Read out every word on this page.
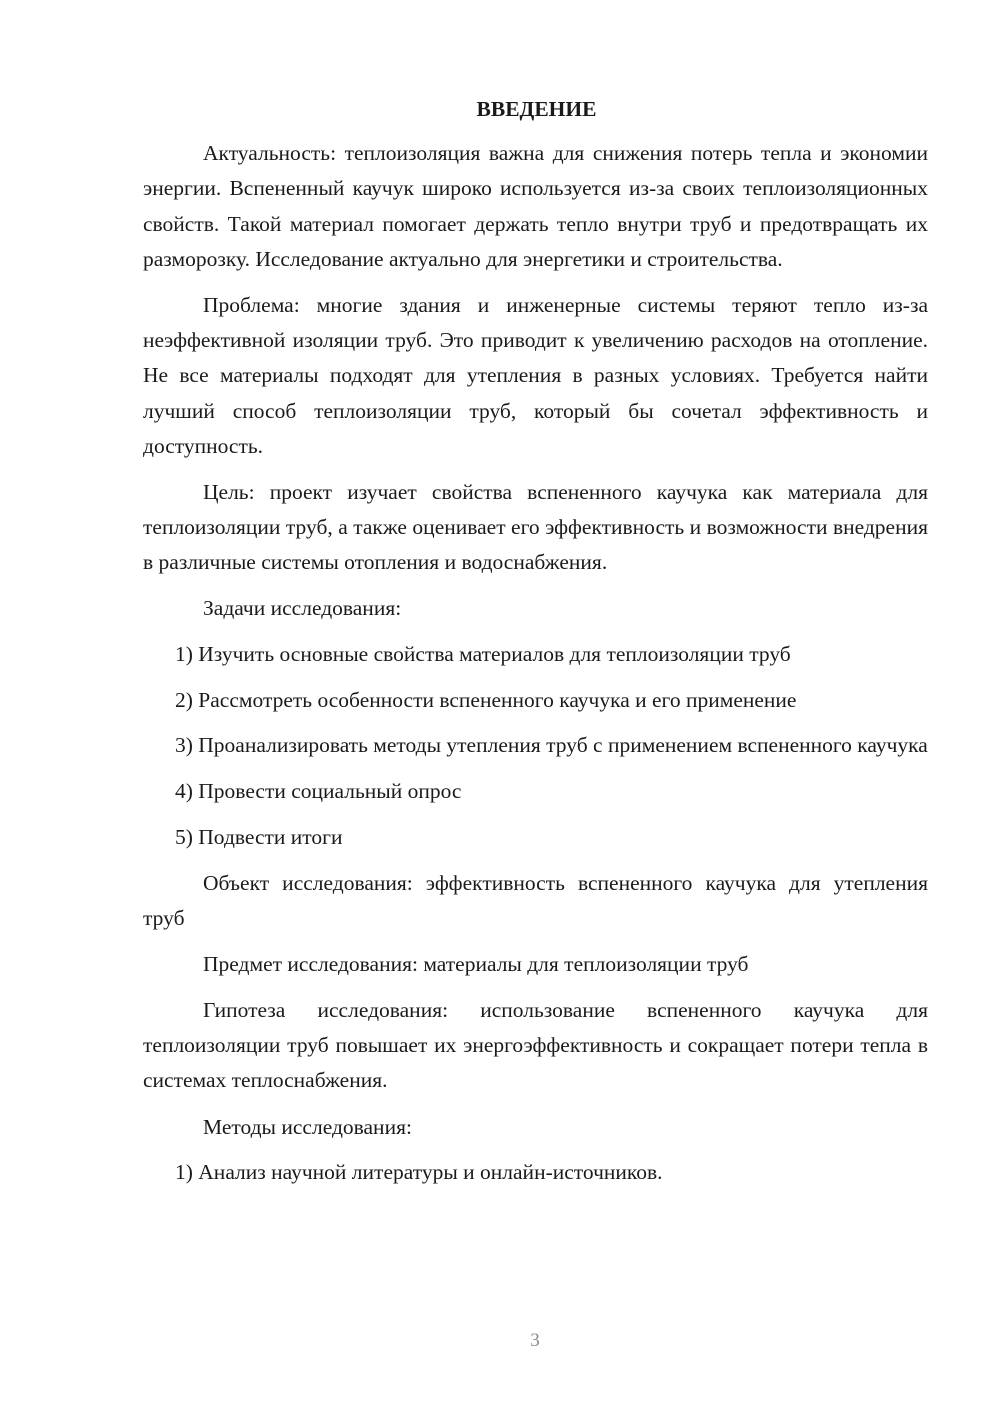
ВВЕДЕНИЕ

Актуальность: теплоизоляция важна для снижения потерь тепла и экономии энергии. Вспененный каучук широко используется из-за своих теплоизоляционных свойств. Такой материал помогает держать тепло внутри труб и предотвращать их разморозку. Исследование актуально для энергетики и строительства.

Проблема: многие здания и инженерные системы теряют тепло из-за неэффективной изоляции труб. Это приводит к увеличению расходов на отопление. Не все материалы подходят для утепления в разных условиях. Требуется найти лучший способ теплоизоляции труб, который бы сочетал эффективность и доступность.

Цель: проект изучает свойства вспененного каучука как материала для теплоизоляции труб, а также оценивает его эффективность и возможности внедрения в различные системы отопления и водоснабжения.

Задачи исследования:

1) Изучить основные свойства материалов для теплоизоляции труб

2) Рассмотреть особенности вспененного каучука и его применение

3) Проанализировать методы утепления труб с применением вспененного каучука

4) Провести социальный опрос

5) Подвести итоги

Объект исследования: эффективность вспененного каучука для утепления труб

Предмет исследования: материалы для теплоизоляции труб

Гипотеза исследования: использование вспененного каучука для теплоизоляции труб повышает их энергоэффективность и сокращает потери тепла в системах теплоснабжения.

Методы исследования:

1) Анализ научной литературы и онлайн-источников.

3
